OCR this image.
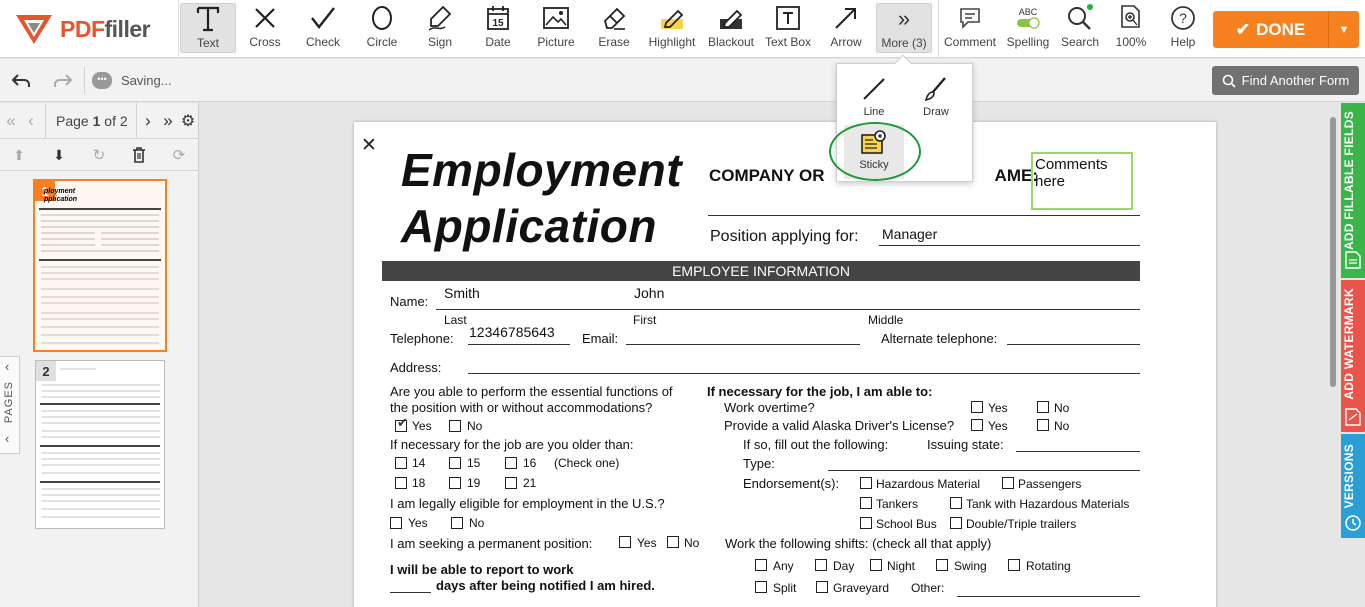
PDFfiller
Text	Cross Check Circle	Sign
15
Date Picture Erase Highlight Blackout Text Box Arrow
»
More (3) Comment
ABC
Spelling Search 100%
?
Help
✔ DONE	▼
•••	Saving...	Find Another Form
« ‹ Page 1 of 2 › » ⚙
⬆ ⬇ ↻	⟳
1
ployment
pplication
2
‹
PAGES
‹
✕ Employment
Application
COMPANY OR	AME:
Comments here
Position applying for: Manager
EMPLOYEE INFORMATION
Name:
Smith	John
Last	First	Middle
Telephone: 12346785643 Email:	Alternate telephone:
Address:
Are you able to perform the essential functions of
the position with or without accommodations?
✔ Yes	No
If necessary for the job are you older than:
14	15	16 (Check one)
18	19	21
I am legally eligible for employment in the U.S.?
Yes	No
I am seeking a permanent position:	Yes No
I will be able to report to work
days after being notified I am hired.
If necessary for the job, I am able to:
Work overtime?	Yes	No
Provide a valid Alaska Driver's License?	Yes	No
If so, fill out the following:	Issuing state:
Type:
Endorsement(s):	Hazardous Material	Passengers
Tankers	Tank with Hazardous Materials
School Bus Double/Triple trailers
Work the following shifts: (check all that apply)
Any	Day	Night	Swing	Rotating
Split	Graveyard Other:
ADD FILLABLE FIELDS
ADD WATERMARK
VERSIONS
Line	Draw
Sticky
